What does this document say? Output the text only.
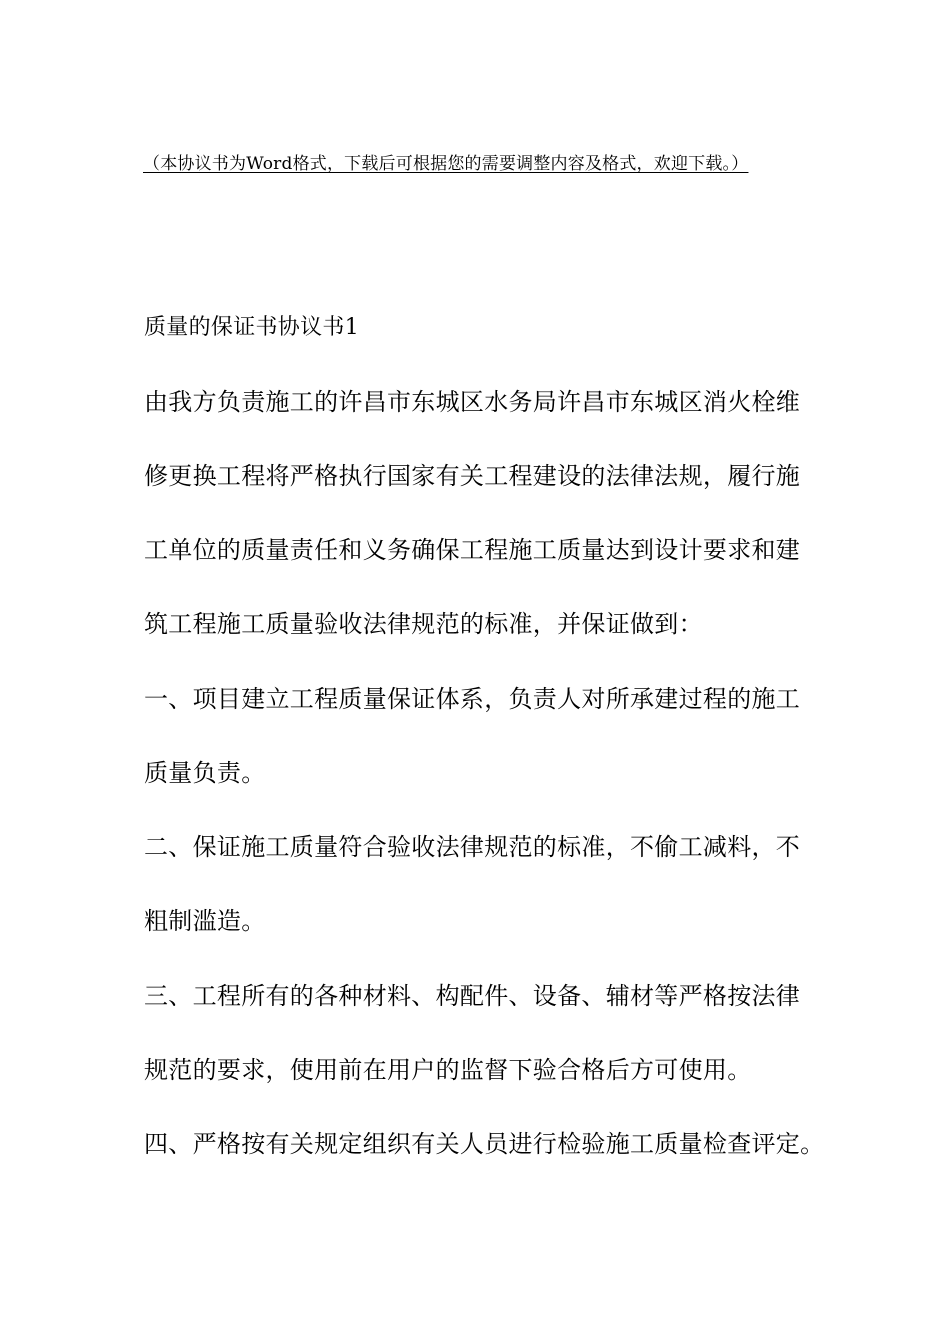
（本协议书为Word格式，下载后可根据您的需要调整内容及格式，欢迎下载。）
质量的保证书协议书1
由我方负责施工的许昌市东城区水务局许昌市东城区消火栓维
修更换工程将严格执行国家有关工程建设的法律法规，履行施
工单位的质量责任和义务确保工程施工质量达到设计要求和建
筑工程施工质量验收法律规范的标准，并保证做到：
一、项目建立工程质量保证体系，负责人对所承建过程的施工
质量负责。
二、保证施工质量符合验收法律规范的标准，不偷工减料，不
粗制滥造。
三、工程所有的各种材料、构配件、设备、辅材等严格按法律
规范的要求，使用前在用户的监督下验合格后方可使用。
四、严格按有关规定组织有关人员进行检验施工质量检查评定。
